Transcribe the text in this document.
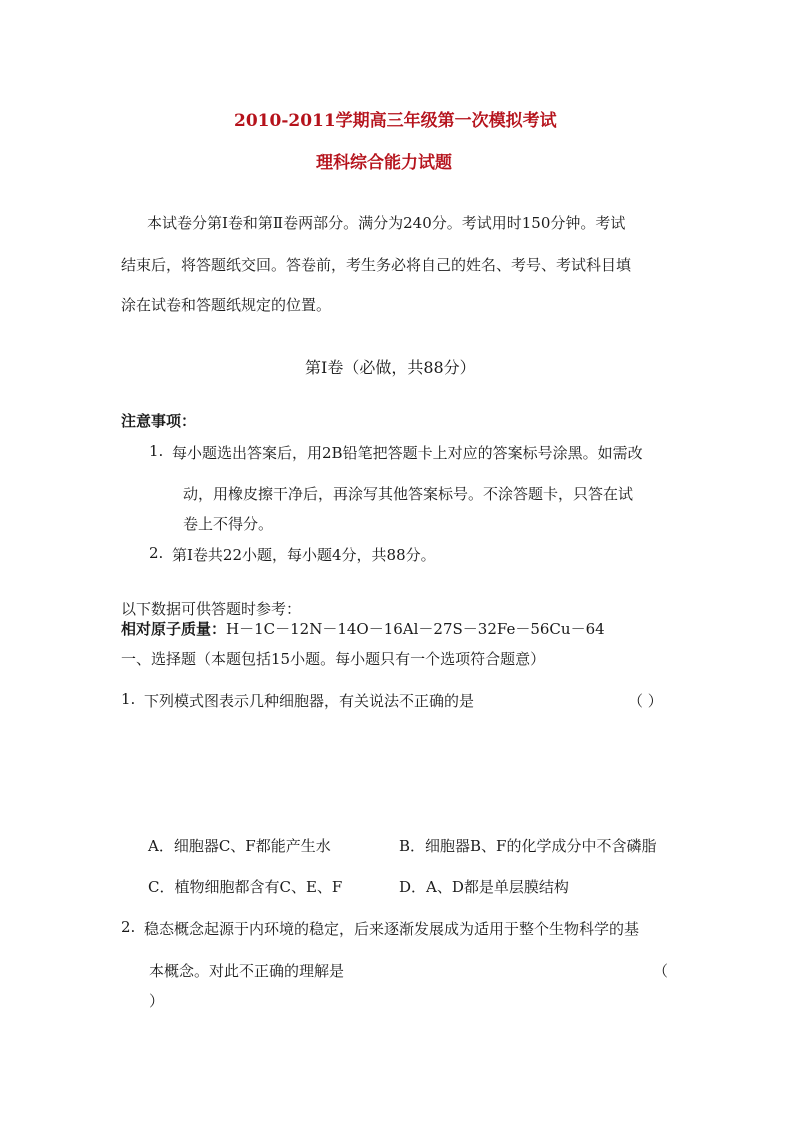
2010-2011学期高三年级第一次模拟考试
理科综合能力试题
本试卷分第Ⅰ卷和第Ⅱ卷两部分。满分为240分。考试用时150分钟。考试
结束后，将答题纸交回。答卷前，考生务必将自己的姓名、考号、考试科目填
涂在试卷和答题纸规定的位置。
第Ⅰ卷（必做，共88分）
注意事项：
1. 每小题选出答案后，用2B铅笔把答题卡上对应的答案标号涂黑。如需改
动，用橡皮擦干净后，再涂写其他答案标号。不涂答题卡，只答在试
卷上不得分。
2. 第Ⅰ卷共22小题，每小题4分，共88分。
以下数据可供答题时参考：
相对原子质量：H－1C－12N－14O－16Al－27S－32Fe－56Cu－64
一、选择题（本题包括15小题。每小题只有一个选项符合题意）
1. 下列模式图表示几种细胞器，有关说法不正确的是	（ ）
A．细胞器C、F都能产生水	B．细胞器B、F的化学成分中不含磷脂
C．植物细胞都含有C、E、F	D．A、D都是单层膜结构
2. 稳态概念起源于内环境的稳定，后来逐渐发展成为适用于整个生物科学的基
本概念。对此不正确的理解是	（
）
